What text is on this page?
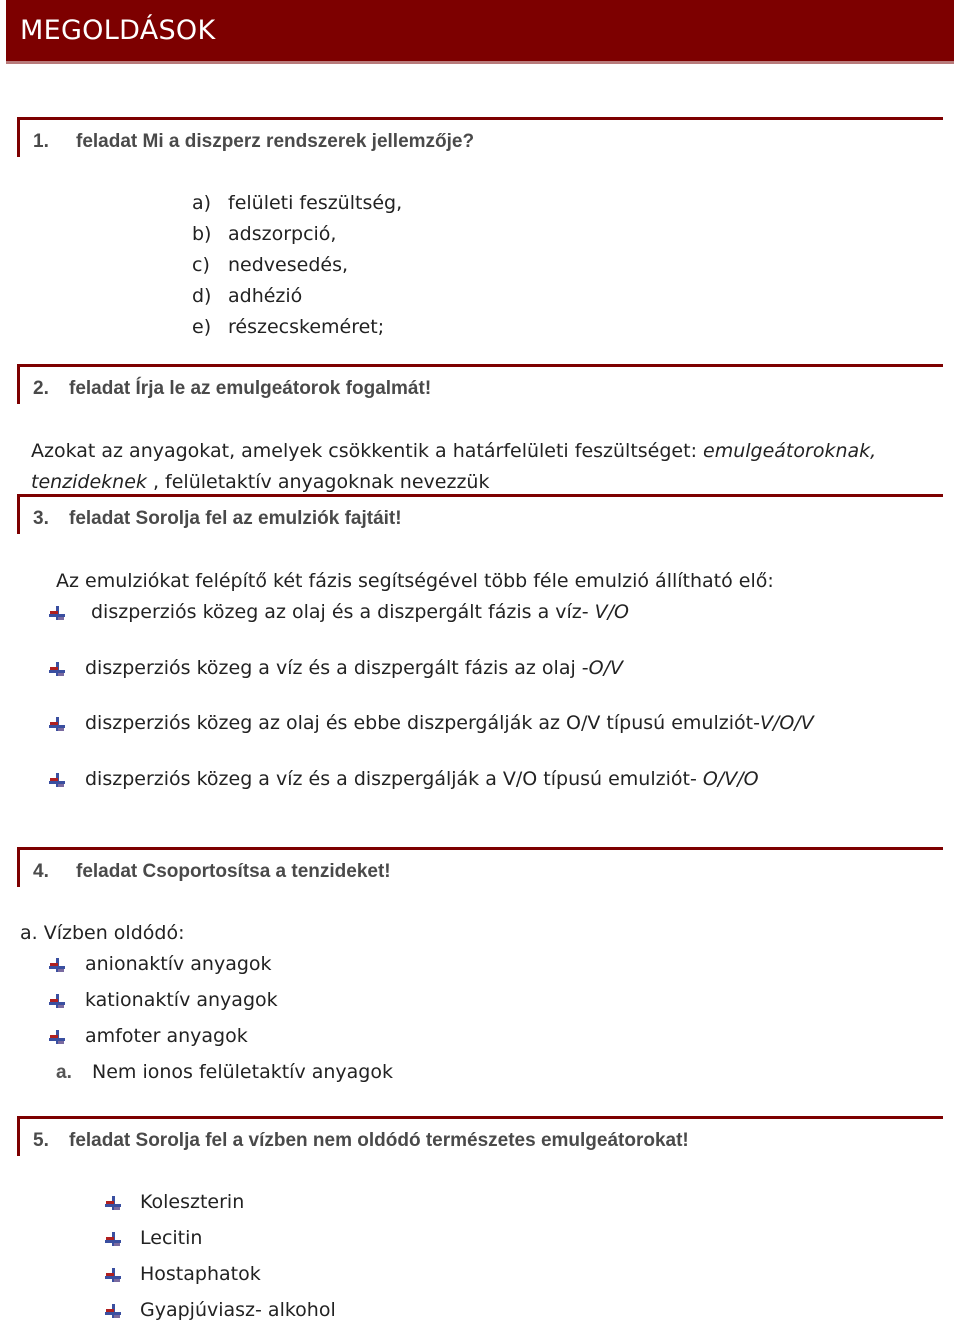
MEGOLDÁSOK
1. feladat Mi a diszperz rendszerek jellemzője?
a) felületi feszültség,
b) adszorpció,
c) nedvesedés,
d) adhézió
e) részecskeméret;
2. feladat Írja le az emulgeátorok fogalmát!
Azokat az anyagokat, amelyek csökkentik a határfelületi feszültséget: emulgeátoroknak,
tenzideknek , felületaktív anyagoknak nevezzük
3. feladat Sorolja fel az emulziók fajtáit!
Az emulziókat felépítő két fázis segítségével több féle emulzió állítható elő:
diszperziós közeg az olaj és a diszpergált fázis a víz- V/O
diszperziós közeg a víz és a diszpergált fázis az olaj -O/V
diszperziós közeg az olaj és ebbe diszpergálják az O/V típusú emulziót-V/O/V
diszperziós közeg a víz és a diszpergálják a V/O típusú emulziót- O/V/O
4. feladat Csoportosítsa a tenzideket!
a. Vízben oldódó:
anionaktív anyagok
kationaktív anyagok
amfoter anyagok
a. Nem ionos felületaktív anyagok
5. feladat Sorolja fel a vízben nem oldódó természetes emulgeátorokat!
Koleszterin
Lecitin
Hostaphatok
Gyapjúviasz- alkohol
